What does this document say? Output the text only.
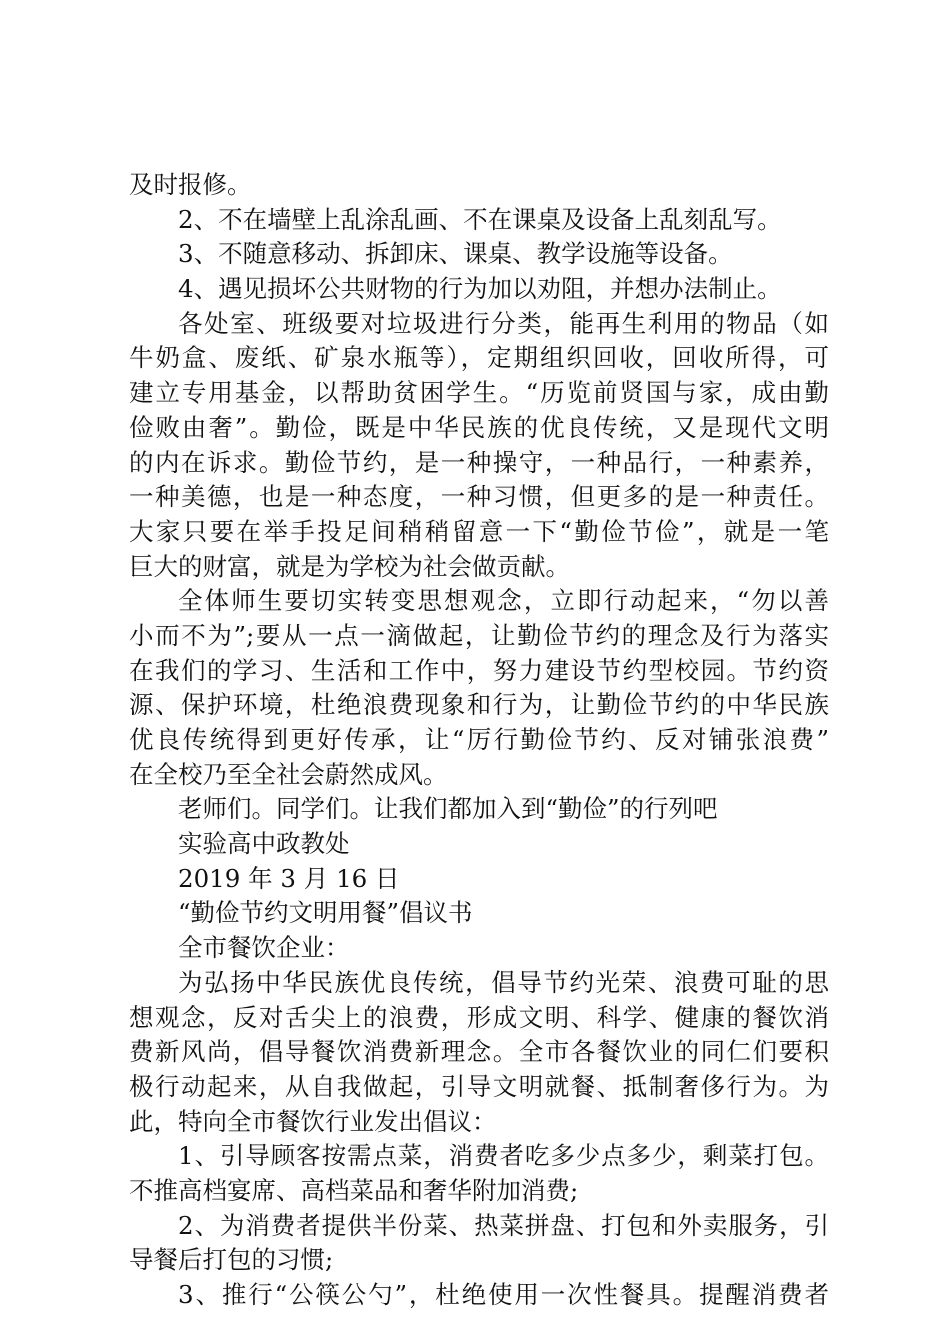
及时报修。
2、不在墙壁上乱涂乱画、不在课桌及设备上乱刻乱写。
3、不随意移动、拆卸床、课桌、教学设施等设备。
4、遇见损坏公共财物的行为加以劝阻，并想办法制止。
各处室、班级要对垃圾进行分类，能再生利用的物品（如
牛奶盒、废纸、矿泉水瓶等），定期组织回收，回收所得，可
建立专用基金，以帮助贫困学生。“历览前贤国与家，成由勤
俭败由奢”。勤俭，既是中华民族的优良传统，又是现代文明
的内在诉求。勤俭节约，是一种操守，一种品行，一种素养，
一种美德，也是一种态度，一种习惯，但更多的是一种责任。
大家只要在举手投足间稍稍留意一下“勤俭节俭”，就是一笔
巨大的财富，就是为学校为社会做贡献。
全体师生要切实转变思想观念，立即行动起来，“勿以善
小而不为”;要从一点一滴做起，让勤俭节约的理念及行为落实
在我们的学习、生活和工作中，努力建设节约型校园。节约资
源、保护环境，杜绝浪费现象和行为，让勤俭节约的中华民族
优良传统得到更好传承，让“厉行勤俭节约、反对铺张浪费”
在全校乃至全社会蔚然成风。
老师们。同学们。让我们都加入到“勤俭”的行列吧
实验高中政教处
2019 年 3 月 16 日
“勤俭节约文明用餐”倡议书
全市餐饮企业：
为弘扬中华民族优良传统，倡导节约光荣、浪费可耻的思
想观念，反对舌尖上的浪费，形成文明、科学、健康的餐饮消
费新风尚，倡导餐饮消费新理念。全市各餐饮业的同仁们要积
极行动起来，从自我做起，引导文明就餐、抵制奢侈行为。为
此，特向全市餐饮行业发出倡议：
1、引导顾客按需点菜，消费者吃多少点多少，剩菜打包。
不推高档宴席、高档菜品和奢华附加消费;
2、为消费者提供半份菜、热菜拼盘、打包和外卖服务，引
导餐后打包的习惯;
3、推行“公筷公勺”，杜绝使用一次性餐具。提醒消费者
